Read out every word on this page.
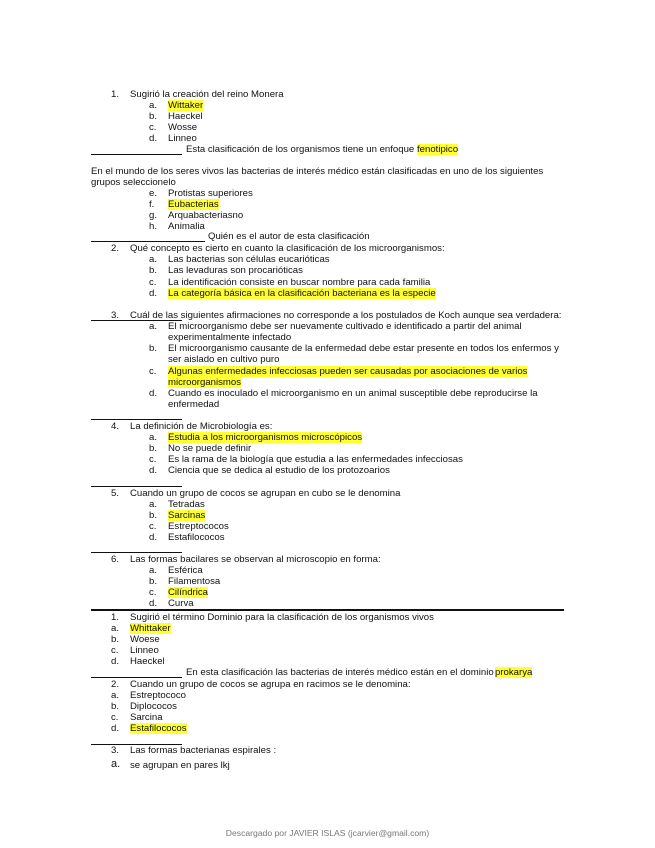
1. Sugirió la creación del reino Monera
a. Wittaker
b. Haeckel
c. Wosse
d. Linneo
Esta clasificación de los organismos tiene un enfoque fenotipico
En el mundo de los seres vivos las bacterias de interés médico están clasificadas en uno de los siguientes
grupos seleccionelo
e. Protistas superiores
f. Eubacterias
g. Arquabacteriasno
h. Animalia
Quién es el autor de esta clasificación
2. Qué concepto es cierto en cuanto la clasificación de los microorganismos:
a. Las bacterias son células eucarióticas
b. Las levaduras son procarióticas
c. La identificación consiste en buscar nombre para cada familia
d. La categoría básica en la clasificación bacteriana es la especie
3. Cuál de las siguientes afirmaciones no corresponde a los postulados de Koch aunque sea verdadera:
a. El microorganismo debe ser nuevamente cultivado e identificado a partir del animal
experimentalmente infectado
b. El microorganismo causante de la enfermedad debe estar presente en todos los enfermos y
ser aislado en cultivo puro
c. Algunas enfermedades infecciosas pueden ser causadas por asociaciones de varios
microorganismos
d. Cuando es inoculado el microorganismo en un animal susceptible debe reproducirse la
enfermedad
4. La definición de Microbiología es:
a. Estudia a los microorganismos microscópicos
b. No se puede definir
c. Es la rama de la biología que estudia a las enfermedades infecciosas
d. Ciencia que se dedica al estudio de los protozoarios
5. Cuando un grupo de cocos se agrupan en cubo se le denomina
a. Tetradas
b. Sarcinas
c. Estreptococos
d. Estafilococos
6. Las formas bacilares se observan al microscopio en forma:
a. Esférica
b. Filamentosa
c. Cilíndrica
d. Curva
1. Sugirió el término Dominio para la clasificación de los organismos vivos
a. Whittaker
b. Woese
c. Linneo
d. Haeckel
En esta clasificación las bacterias de interés médico están en el dominio prokarya
2. Cuando un grupo de cocos se agrupa en racimos se le denomina:
a. Estreptococo
b. Diplococos
c. Sarcina
d. Estafilococos
3. Las formas bacterianas espirales :
a. se agrupan en pares lkj
Descargado por JAVIER ISLAS (jcarvier@gmail.com)
